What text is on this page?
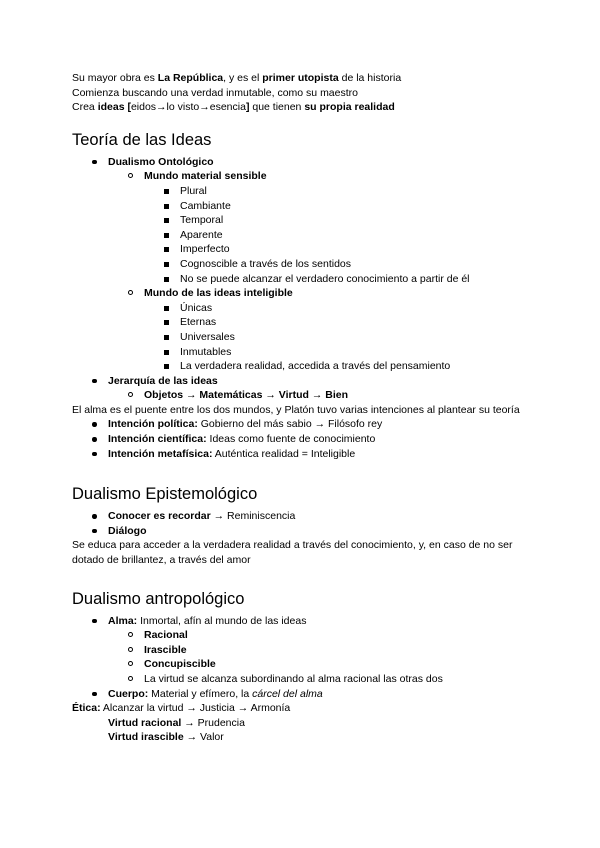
Su mayor obra es La República, y es el primer utopista de la historia

Comienza buscando una verdad inmutable, como su maestro

Crea ideas [eidos→lo visto→esencia] que tienen su propia realidad

Teoría de las Ideas
Dualismo Ontológico
Mundo material sensible
Plural
Cambiante
Temporal
Aparente
Imperfecto
Cognoscible a través de los sentidos
No se puede alcanzar el verdadero conocimiento a partir de él
Mundo de las ideas inteligible
Únicas
Eternas
Universales
Inmutables
La verdadera realidad, accedida a través del pensamiento
Jerarquía de las ideas
Objetos → Matemáticas → Virtud → Bien

El alma es el puente entre los dos mundos, y Platón tuvo varias intenciones al plantear su teoría

Intención política: Gobierno del más sabio → Filósofo rey
Intención científica: Ideas como fuente de conocimiento
Intención metafísica: Auténtica realidad = Inteligible
Dualismo Epistemológico
Conocer es recordar → Reminiscencia
Diálogo

Se educa para acceder a la verdadera realidad a través del conocimiento, y, en caso de no ser dotado de brillantez, a través del amor

Dualismo antropológico
Alma: Inmortal, afín al mundo de las ideas
Racional
Irascible
Concupiscible
La virtud se alcanza subordinando al alma racional las otras dos
Cuerpo: Material y efímero, la cárcel del alma

Ética: Alcanzar la virtud → Justicia → Armonía

Virtud racional → Prudencia

Virtud irascible → Valor
